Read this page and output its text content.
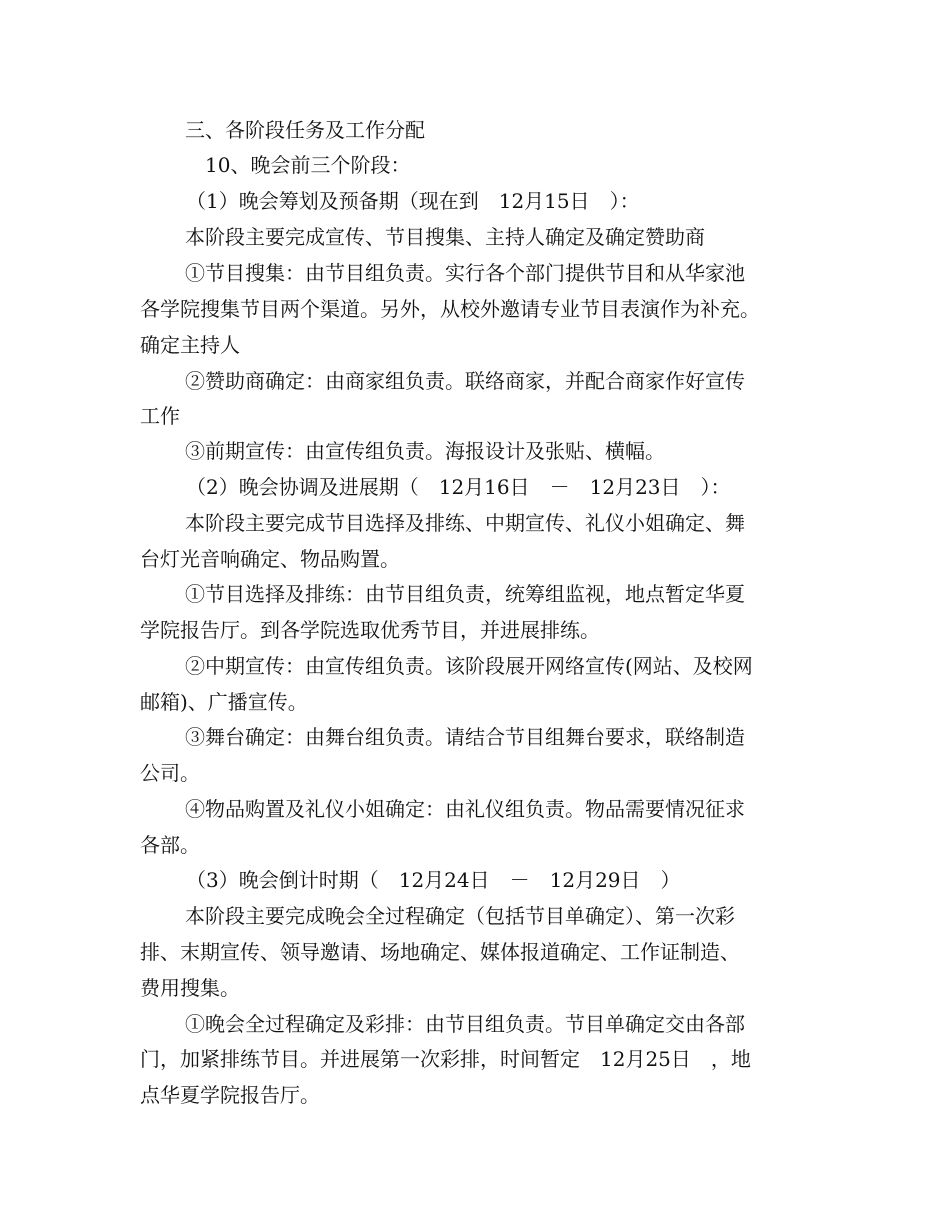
三、各阶段任务及工作分配
10、晚会前三个阶段：
（1）晚会筹划及预备期（现在到　12月15日　）：
本阶段主要完成宣传、节目搜集、主持人确定及确定赞助商
①节目搜集：由节目组负责。实行各个部门提供节目和从华家池
各学院搜集节目两个渠道。另外，从校外邀请专业节目表演作为补充。
确定主持人
②赞助商确定：由商家组负责。联络商家，并配合商家作好宣传
工作
③前期宣传：由宣传组负责。海报设计及张贴、横幅。
（2）晚会协调及进展期（　12月16日　－　12月23日　）：
本阶段主要完成节目选择及排练、中期宣传、礼仪小姐确定、舞
台灯光音响确定、物品购置。
①节目选择及排练：由节目组负责，统筹组监视，地点暂定华夏
学院报告厅。到各学院选取优秀节目，并进展排练。
②中期宣传：由宣传组负责。该阶段展开网络宣传(网站、及校网
邮箱)、广播宣传。
③舞台确定：由舞台组负责。请结合节目组舞台要求，联络制造
公司。
④物品购置及礼仪小姐确定：由礼仪组负责。物品需要情况征求
各部。
（3）晚会倒计时期（　12月24日　－　12月29日　）
本阶段主要完成晚会全过程确定（包括节目单确定）、第一次彩
排、末期宣传、领导邀请、场地确定、媒体报道确定、工作证制造、
费用搜集。
①晚会全过程确定及彩排：由节目组负责。节目单确定交由各部
门，加紧排练节目。并进展第一次彩排，时间暂定　12月25日　，地
点华夏学院报告厅。
